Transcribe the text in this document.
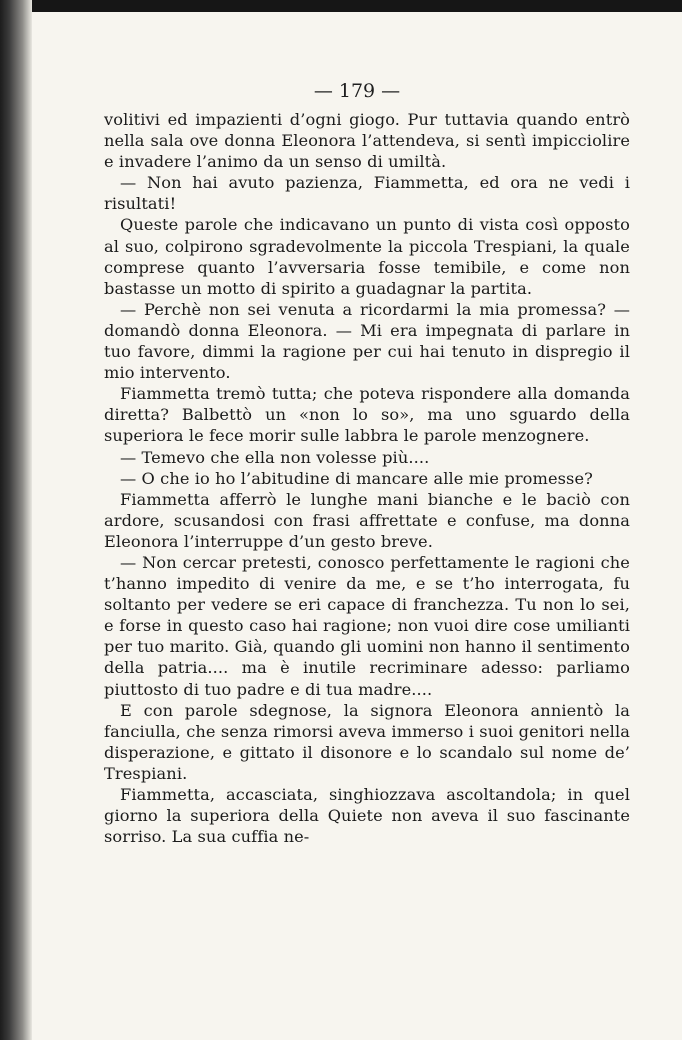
— 179 —

volitivi ed impazienti d’ogni giogo. Pur tuttavia quando entrò nella sala ove donna Eleonora l’attendeva, si sentì impicciolire e invadere l’animo da un senso di umiltà.

— Non hai avuto pazienza, Fiammetta, ed ora ne vedi i risultati!

Queste parole che indicavano un punto di vista così opposto al suo, colpirono sgradevolmente la piccola Trespiani, la quale comprese quanto l’avversaria fosse temibile, e come non bastasse un motto di spirito a guadagnar la partita.

— Perchè non sei venuta a ricordarmi la mia promessa? — domandò donna Eleonora. — Mi era impegnata di parlare in tuo favore, dimmi la ragione per cui hai tenuto in dispregio il mio intervento.

Fiammetta tremò tutta; che poteva rispondere alla domanda diretta? Balbettò un «non lo so», ma uno sguardo della superiora le fece morir sulle labbra le parole menzognere.

— Temevo che ella non volesse più....

— O che io ho l’abitudine di mancare alle mie promesse?

Fiammetta afferrò le lunghe mani bianche e le baciò con ardore, scusandosi con frasi affrettate e confuse, ma donna Eleonora l’interruppe d’un gesto breve.

— Non cercar pretesti, conosco perfettamente le ragioni che t’hanno impedito di venire da me, e se t’ho interrogata, fu soltanto per vedere se eri capace di franchezza. Tu non lo sei, e forse in questo caso hai ragione; non vuoi dire cose umilianti per tuo marito. Già, quando gli uomini non hanno il sentimento della patria.... ma è inutile recriminare adesso: parliamo piuttosto di tuo padre e di tua madre....

E con parole sdegnose, la signora Eleonora annientò la fanciulla, che senza rimorsi aveva immerso i suoi genitori nella disperazione, e gittato il disonore e lo scandalo sul nome de’ Trespiani.

Fiammetta, accasciata, singhiozzava ascoltandola; in quel giorno la superiora della Quiete non aveva il suo fascinante sorriso. La sua cuffia ne-
